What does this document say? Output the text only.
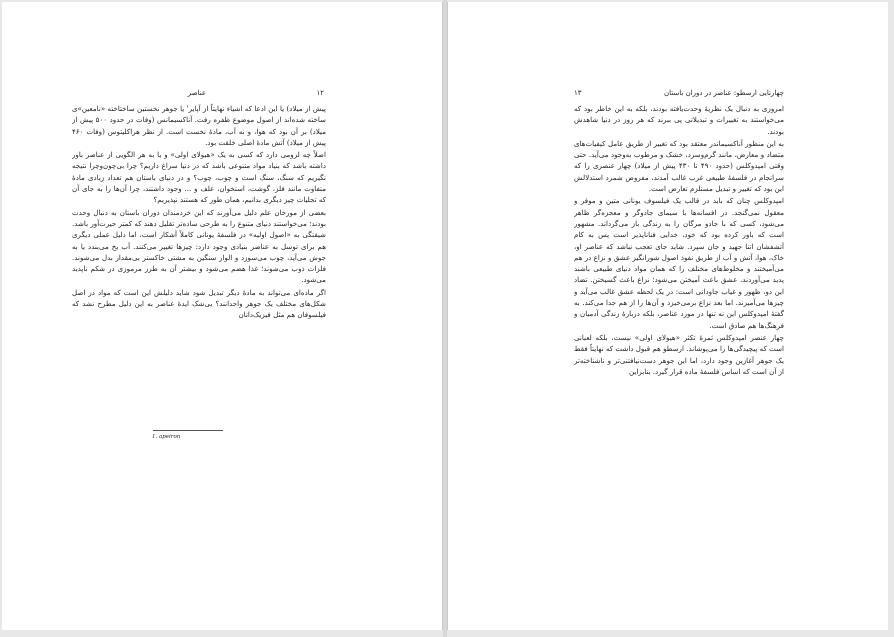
۱۲
عناصر

پیش از میلاد) یا این ادعا که اشیاء نهایتاً از آپایر' یا جوهر نخستین ساختاخته «نامعین»ی ساخته شده‌اند از اصول موضوع ظفره رفت. آناکسیمانس (وفات در حدود ۵۰۰ پیش از میلاد) بر آن بود که هوا، و نه آب، مادهٔ نخست است. از نظر هراکلیتوس (وفات ۴۶۰ پیش از میلاد) آتش مادهٔ اصلی خلقت بود.

اصلاً چه لزومی دارد که کسی به یک «هیولای اولی» و یا به هر الگویی از عناصر باور داشته باشد که بنیاد مواد متنوعی باشد که در دنیا سراغ داریم؟ چرا بی‌چون‌وچرا نتیجه نگیریم که سنگ، سنگ است و چوب، چوب؟ و در دنیای باستان هم تعداد زیادی مادهٔ متفاوت مانند فلز، گوشت، استخوان، علف و ... وجود داشتند، چرا آن‌ها را به جای آن که تجلیات چیز دیگری بدانیم، همان طور که هستند نپذیریم؟

بعضی از مورخان علم دلیل می‌آورند که این خردمندان دوران باستان به دنبال وحدت بودند؛ می‌خواستند دنیای متنوع را به طرحی ساده‌تر تقلیل دهند که کمتر حیرت‌آور باشد. شیفتگی به «اصول اولیه» در فلسفهٔ یونانی کاملاً آشکار است، اما دلیل عملی دیگری هم برای توسل به عناصر بنیادی وجود دارد: چیزها تغییر می‌کنند. آب یخ می‌بندد یا به جوش می‌آید، چوب می‌سوزد و الوار سنگین به مشتی خاکستر بی‌مقدار بدل می‌شوند. فلزات ذوب می‌شوند؛ غذا هضم می‌شود و بیشتر آن به طرز مرموزی در شکم ناپدید می‌شود.

اگر ماده‌ای می‌تواند به مادهٔ دیگر تبدیل شود شاید دلیلش این است که مواد در اصل شکل‌های مختلف یک جوهر واحدانند؟ بی‌شک ایدهٔ عناصر به این دلیل مطرح نشد که فیلسوفان هم مثل فیزیک‌دانان

1. apeiron
۱۳	چهارتایی ارسطو: عناصر در دوران باستان

امروزی به دنبال یک نظریهٔ وحدت‌یافته بودند، بلکه به این خاطر بود که می‌خواستند به تغییرات و تبدیلاتی پی ببرند که هر روز در دنیا شاهدش بودند.

به این منظور آناکسیماندر معتقد بود که تغییر از طریق عامل کیفیات‌های متضاد و معارض، مانند گرم‌وسرد، خشک و مرطوب به‌وجود می‌آید. حتی وقتی امپدوکلس (حدود ۴۹۰ تا ۴۳۰ پیش از میلاد) چهار عنصری را که سرانجام در فلسفهٔ طبیعی غرب غالب آمدند، مفروض شمرد استدلالش این بود که تغییر و تبدیل مستلزم تعارض است.

امپدوکلس چنان که باید در قالب یک فیلسوف یونانی متین و موقر و معقول نمی‌گنجد. در افسانه‌ها با سیمای جادوگر و معجزه‌گر ظاهر می‌شود، کسی که با جادو مرگان را به زندگی باز می‌گرداند. مشهور است که باور کرده بود که خود، خدایی فناناپذیر است پس به کام آتشفشان اتنا جهید و جان سپرد. شاید جای تعجب نباشد که عناصر او، خاک، هوا، آتش و آب از طریق نفوذ اصول شورانگیز عشق و نزاع در هم می‌آمیختند و مخلوط‌های مختلف را که همان مواد دنیای طبیعی باشند پدید می‌آوردند. عشق باعث آمیختن می‌شود؛ نزاع باعث گسیختن. تضاد این دو، ظهور و غیاب جاودانی است: در یک لحظه عشق غالب می‌آید و چیزها می‌آمیزند. اما بعد نزاع برمی‌خیزد و آن‌ها را از هم جدا می‌کند. به گفتهٔ امپدوکلس این نه تنها در مورد عناصر، بلکه دربارهٔ زندگی آدمیان و فرهنگ‌ها هم صادق است.

چهار عنصر امپدوکلس ثمرهٔ تکثر «هیولای اولی» نیست، بلکه لعبانی است که پیچیدگی‌ها را می‌پوشاند. ارسطو هم قبول داشت که نهایتاً فقط یک جوهر آغازین وجود دارد، اما این جوهر دست‌نیافتنی‌تر و ناشناخته‌تر از آن است که اساس فلسفهٔ ماده قرار گیرد. بنابراین
